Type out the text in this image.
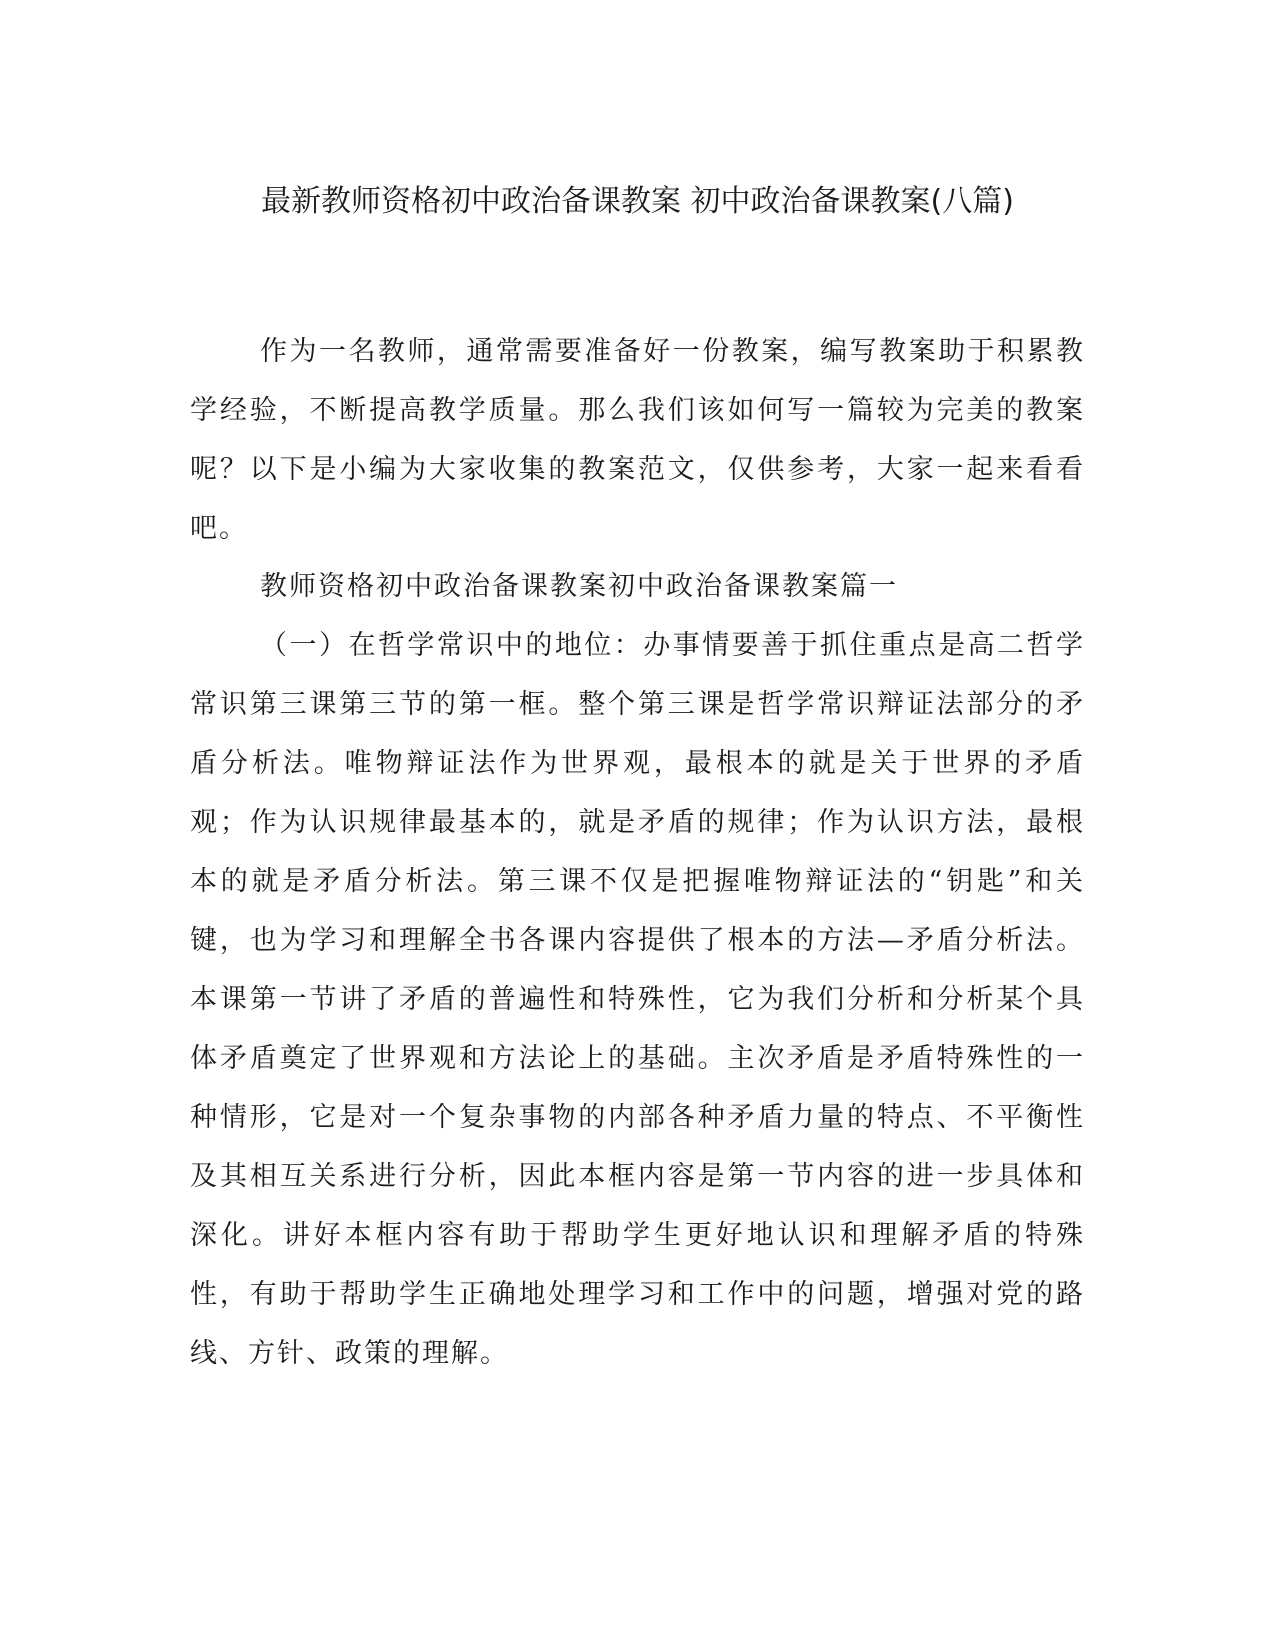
最新教师资格初中政治备课教案 初中政治备课教案(八篇)

作为一名教师，通常需要准备好一份教案，编写教案助于积累教学经验，不断提高教学质量。那么我们该如何写一篇较为完美的教案呢？以下是小编为大家收集的教案范文，仅供参考，大家一起来看看吧。

教师资格初中政治备课教案初中政治备课教案篇一

（一）在哲学常识中的地位：办事情要善于抓住重点是高二哲学常识第三课第三节的第一框。整个第三课是哲学常识辩证法部分的矛盾分析法。唯物辩证法作为世界观，最根本的就是关于世界的矛盾观；作为认识规律最基本的，就是矛盾的规律；作为认识方法，最根本的就是矛盾分析法。第三课不仅是把握唯物辩证法的“钥匙”和关键，也为学习和理解全书各课内容提供了根本的方法—矛盾分析法。本课第一节讲了矛盾的普遍性和特殊性，它为我们分析和分析某个具体矛盾奠定了世界观和方法论上的基础。主次矛盾是矛盾特殊性的一种情形，它是对一个复杂事物的内部各种矛盾力量的特点、不平衡性及其相互关系进行分析，因此本框内容是第一节内容的进一步具体和深化。讲好本框内容有助于帮助学生更好地认识和理解矛盾的特殊性，有助于帮助学生正确地处理学习和工作中的问题，增强对党的路线、方针、政策的理解。
